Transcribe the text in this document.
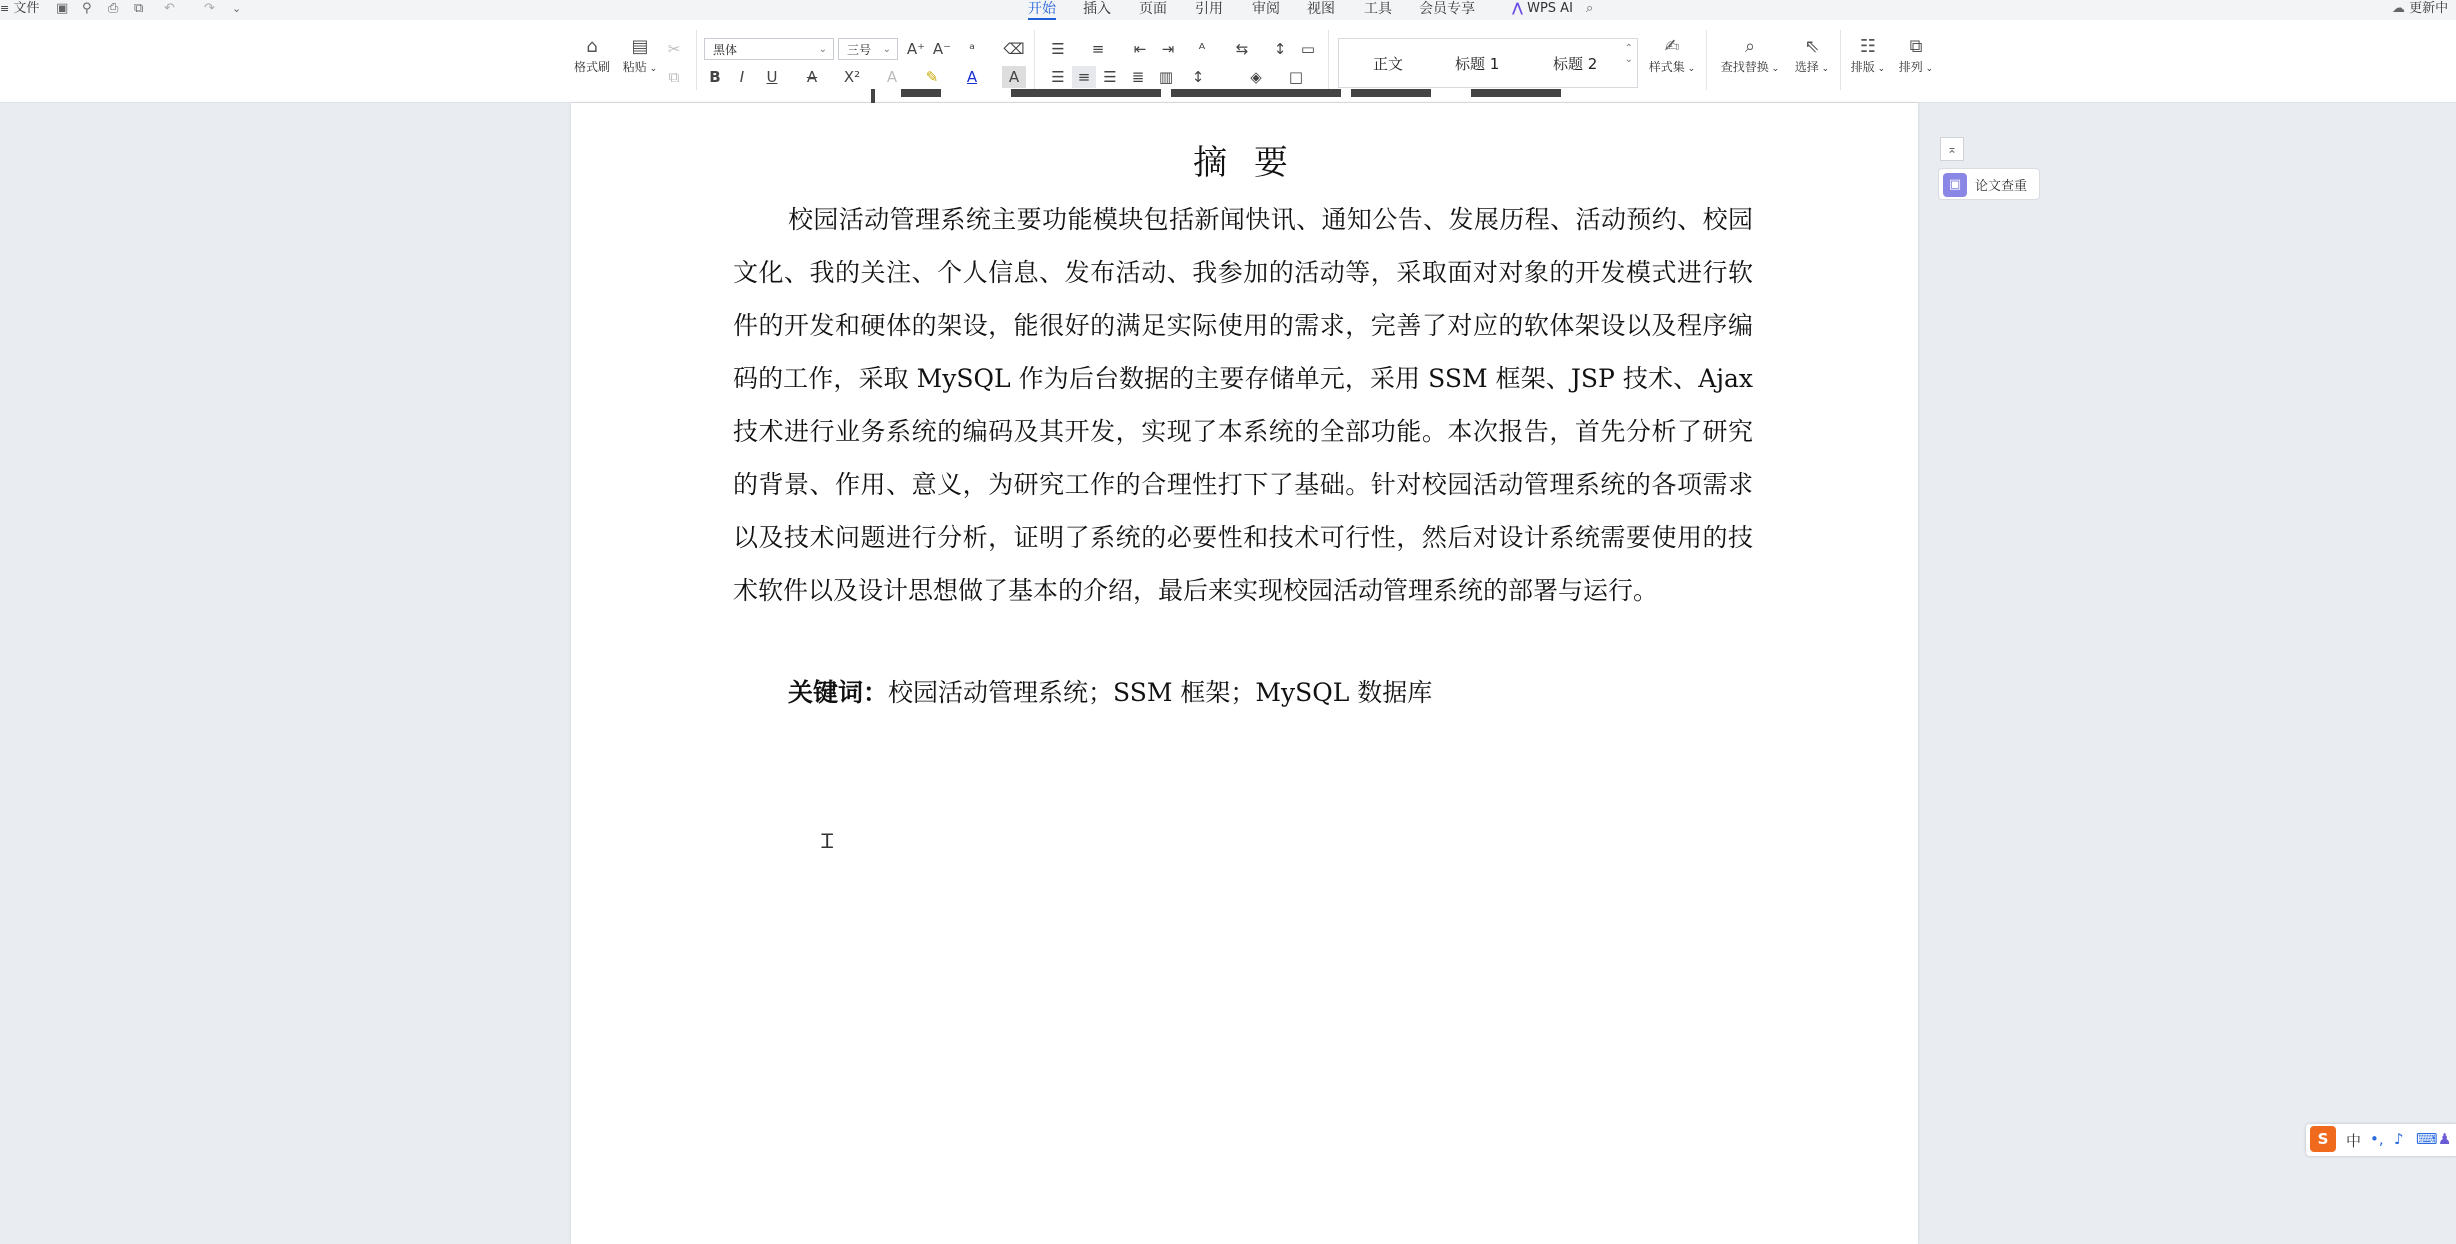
≡ 文件 ▣ ⚲ ⎙ ⧉ ↶ ↷ ⌄	开始 插入 页面 引用 审阅 视图 工具 会员专享	⋀ WPS AI ⌕	☁ 更新中
⌂
格式刷
▤
粘贴 ⌄
✂
⧉
黑体	⌄	三号 ⌄ A⁺ A⁻	ᵃ	⌫
B	I	U	A	X²	A	✎	A	A
☰	≡	⇤	⇥	ᴬ	⇆	↕ ▭
☰ ≡ ☰ ≣ ▥	↕	◈	□
正文	标题 1	标题 2
⌃
⌄
✍
样式集 ⌄
⌕
查找替换 ⌄
⇖
选择 ⌄
☷
排版 ⌄
⧉
排列 ⌄
摘 要

校园活动管理系统主要功能模块包括新闻快讯、通知公告、发展历程、活动预约、校园文化、我的关注、个人信息、发布活动、我参加的活动等，采取面对对象的开发模式进行软件的开发和硬体的架设，能很好的满足实际使用的需求，完善了对应的软体架设以及程序编码的工作，采取 MySQL 作为后台数据的主要存储单元，采用 SSM 框架、JSP 技术、Ajax 技术进行业务系统的编码及其开发，实现了本系统的全部功能。本次报告，首先分析了研究的背景、作用、意义，为研究工作的合理性打下了基础。针对校园活动管理系统的各项需求以及技术问题进行分析，证明了系统的必要性和技术可行性，然后对设计系统需要使用的技术软件以及设计思想做了基本的介绍，最后来实现校园活动管理系统的部署与运行。

关键词：校园活动管理系统；SSM 框架；MySQL 数据库
Ꮖ
⌅
▣	论文查重
S	中 •, ♪ ⌨ ♟
